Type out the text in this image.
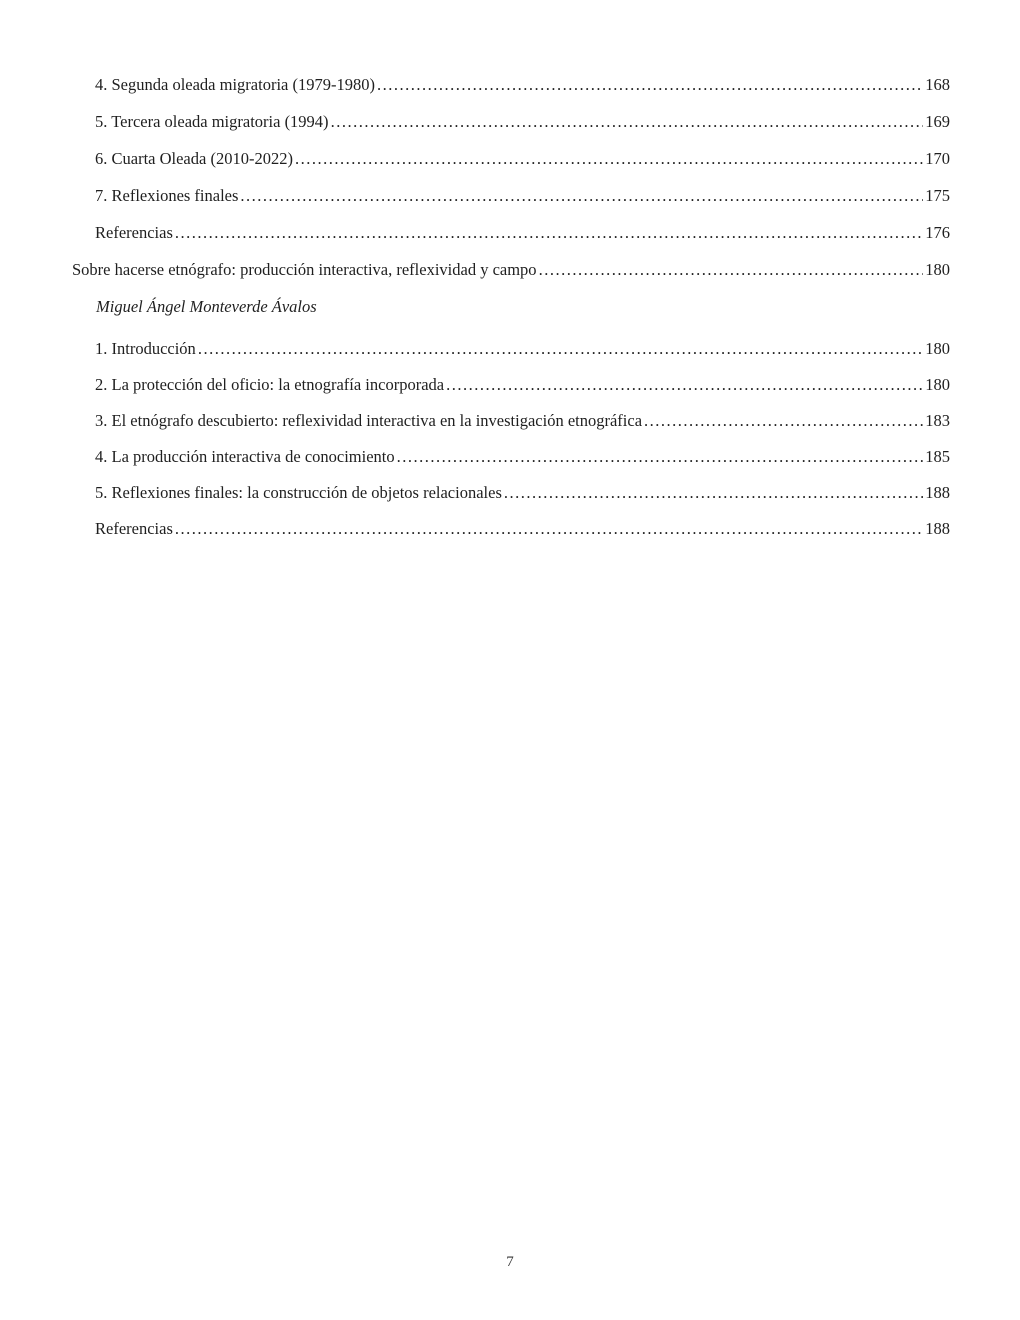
4. Segunda oleada migratoria (1979-1980) .....	168
5. Tercera oleada migratoria (1994) .....	169
6. Cuarta Oleada (2010-2022) .....	170
7. Reflexiones finales .....	175
Referencias .....	176
Sobre hacerse etnógrafo: producción interactiva, reflexividad y campo .....	180
Miguel Ángel Monteverde Ávalos
1. Introducción .....	180
2. La protección del oficio: la etnografía incorporada .....	180
3. El etnógrafo descubierto: reflexividad interactiva en la investigación etnográfica .....	183
4. La producción interactiva de conocimiento .....	185
5. Reflexiones finales: la construcción de objetos relacionales .....	188
Referencias .....	188
7
